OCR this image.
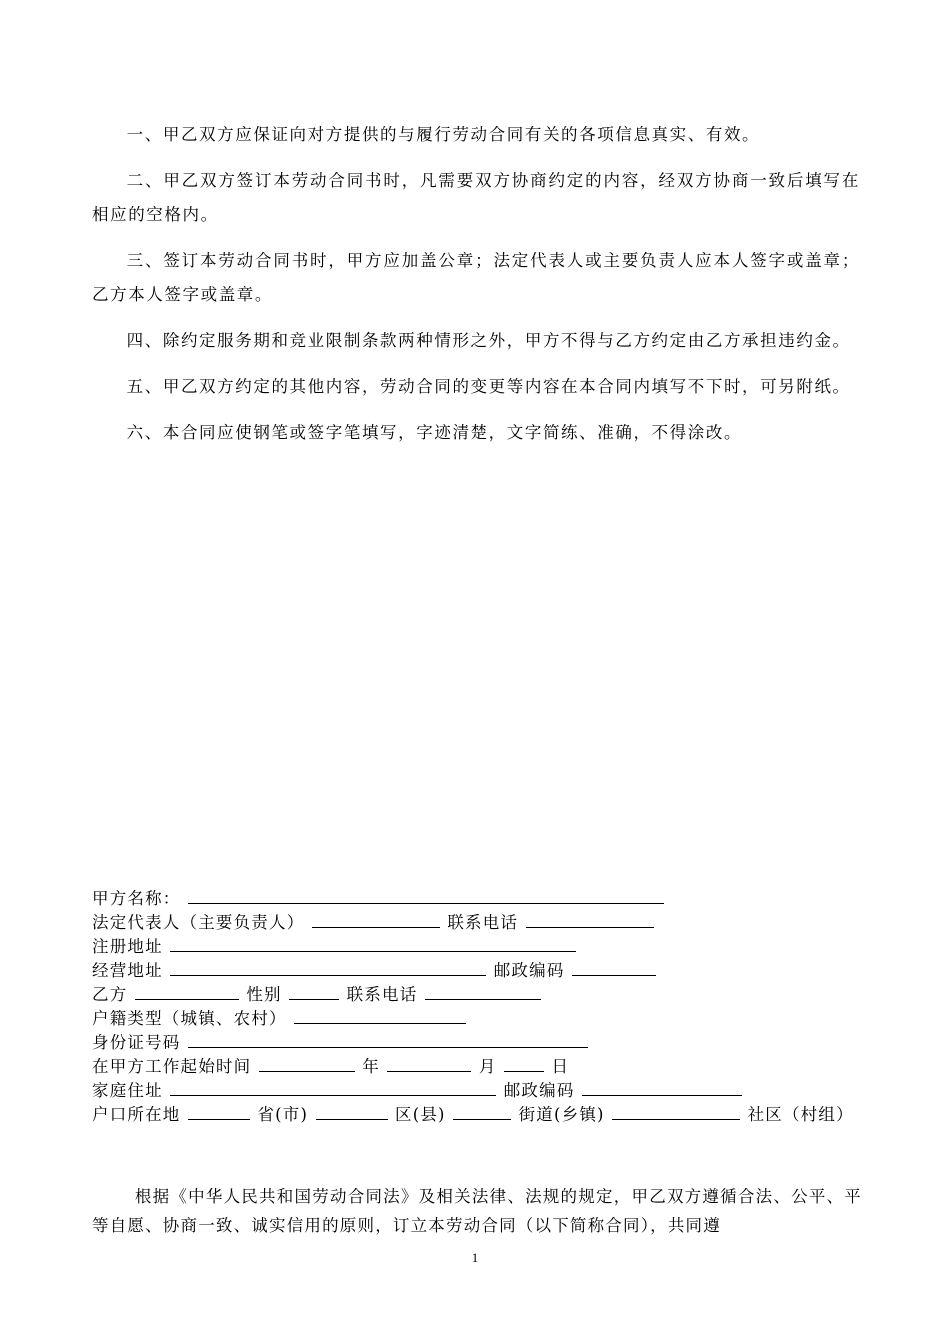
一、甲乙双方应保证向对方提供的与履行劳动合同有关的各项信息真实、有效。

二、甲乙双方签订本劳动合同书时，凡需要双方协商约定的内容，经双方协商一致后填写在相应的空格内。

三、签订本劳动合同书时，甲方应加盖公章；法定代表人或主要负责人应本人签字或盖章；乙方本人签字或盖章。

四、除约定服务期和竞业限制条款两种情形之外，甲方不得与乙方约定由乙方承担违约金。

五、甲乙双方约定的其他内容，劳动合同的变更等内容在本合同内填写不下时，可另附纸。

六、本合同应使钢笔或签字笔填写，字迹清楚，文字简练、准确，不得涂改。

甲方名称：
法定代表人（主要负责人）	联系电话
注册地址
经营地址	邮政编码
乙方	性别	联系电话
户籍类型（城镇、农村）
身份证号码
在甲方工作起始时间	年	月	日
家庭住址	邮政编码
户口所在地	省(市)	区(县)	街道(乡镇)	社区（村组）

根据《中华人民共和国劳动合同法》及相关法律、法规的规定，甲乙双方遵循合法、公平、平等自愿、协商一致、诚实信用的原则，订立本劳动合同（以下简称合同），共同遵

1
